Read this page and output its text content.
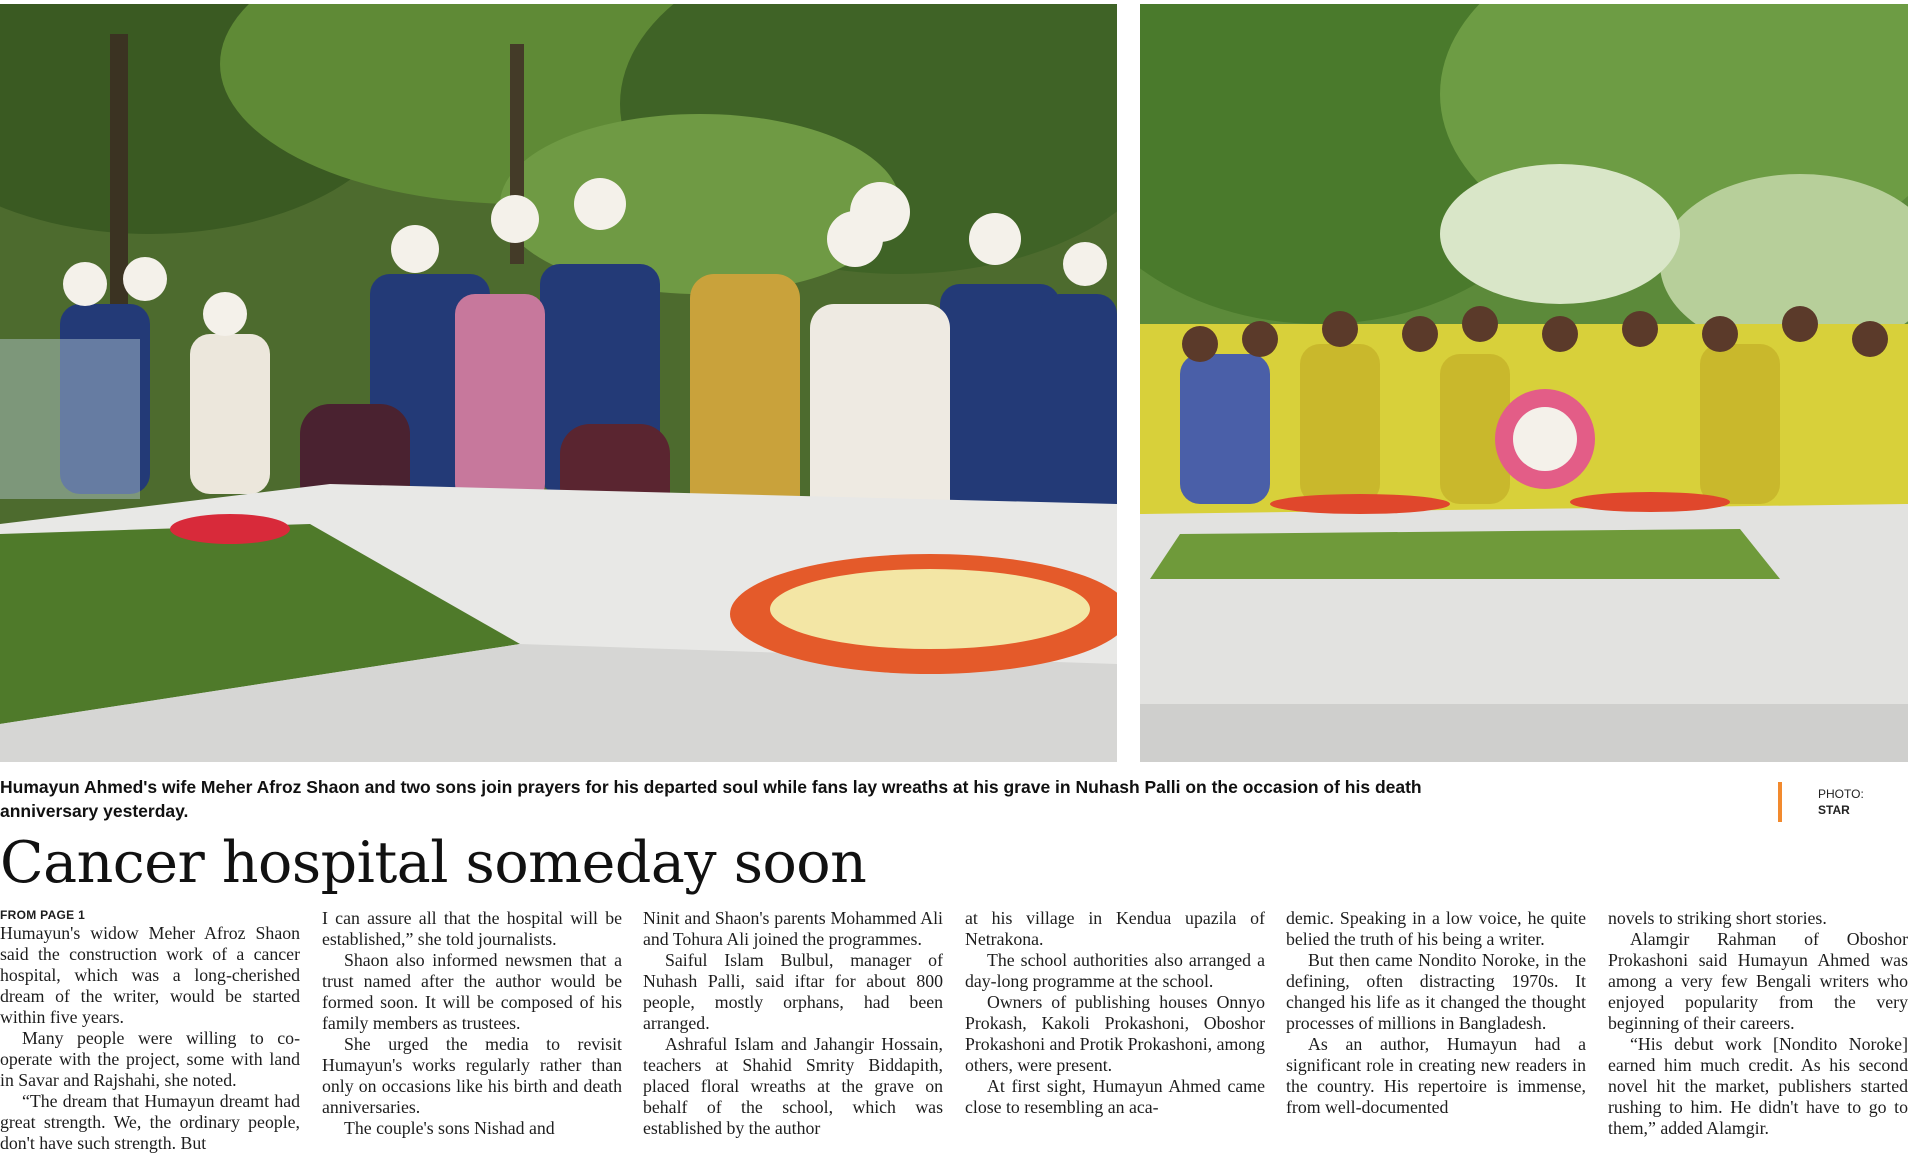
Humayun Ahmed's wife Meher Afroz Shaon and two sons join prayers for his departed soul while fans lay wreaths at his grave in Nuhash Palli on the occasion of his death anniversary yesterday.
PHOTO:
STAR
Cancer hospital someday soon
FROM PAGE 1

Humayun's widow Meher Afroz Shaon said the construction work of a cancer hospital, which was a long-cherished dream of the writer, would be started within five years.

Many people were willing to co-operate with the project, some with land in Savar and Rajshahi, she noted.

“The dream that Humayun dreamt had great strength. We, the ordinary people, don't have such strength. But

I can assure all that the hospital will be established,” she told journalists.

Shaon also informed newsmen that a trust named after the author would be formed soon. It will be composed of his family members as trustees.

She urged the media to revisit Humayun's works regularly rather than only on occasions like his birth and death anniversaries.

The couple's sons Nishad and

Ninit and Shaon's parents Mohammed Ali and Tohura Ali joined the programmes.

Saiful Islam Bulbul, manager of Nuhash Palli, said iftar for about 800 people, mostly orphans, had been arranged.

Ashraful Islam and Jahangir Hossain, teachers at Shahid Smrity Biddapith, placed floral wreaths at the grave on behalf of the school, which was established by the author

at his village in Kendua upazila of Netrakona.

The school authorities also arranged a day-long programme at the school.

Owners of publishing houses Onnyo Prokash, Kakoli Prokashoni, Oboshor Prokashoni and Protik Prokashoni, among others, were present.

At first sight, Humayun Ahmed came close to resembling an aca-

demic. Speaking in a low voice, he quite belied the truth of his being a writer.

But then came Nondito Noroke, in the defining, often distracting 1970s. It changed his life as it changed the thought processes of millions in Bangladesh.

As an author, Humayun had a significant role in creating new readers in the country. His repertoire is immense, from well-documented

novels to striking short stories.

Alamgir Rahman of Oboshor Prokashoni said Humayun Ahmed was among a very few Bengali writers who enjoyed popularity from the very beginning of their careers.

“His debut work [Nondito Noroke] earned him much credit. As his second novel hit the market, publishers started rushing to him. He didn't have to go to them,” added Alamgir.
